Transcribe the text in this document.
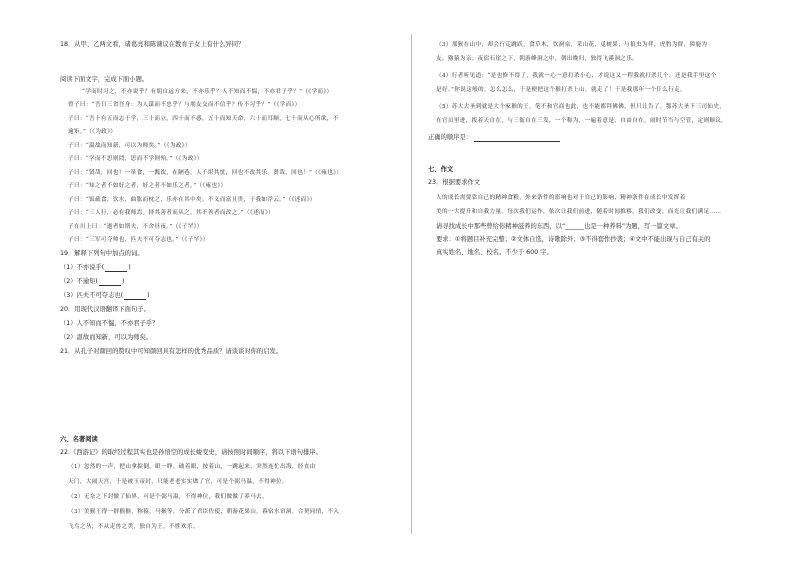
18．从甲、乙两文看，诸葛亮和陈谏议在教育子女上有什么异同？
阅读下面文字，完成下面小题。
“学而时习之，不亦说乎？有朋自远方来，不亦乐乎？人不知而不愠，不亦君子乎？”（《学而》）
曾子曰：“吾日三省吾身：为人谋而不忠乎？与朋友交而不信乎？传不习乎？”（《学而》）
子曰：“吾十有五而志于学，三十而立，四十而不惑，五十而知天命，六十而耳顺，七十而从心所欲，不
逾矩。”（《为政》）
子曰：“温故而知新，可以为师矣。”（《为政》）
子曰：“学而不思则罔，思而不学则殆。”（《为政》）
子曰：“贤哉，回也！一箪食，一瓢饮，在陋巷，人不堪其忧，回也不改其乐。贤哉，回也！”（《雍也》）
子曰：“知之者不如好之者，好之者不如乐之者。”（《雍也》）
子曰：“饭疏食，饮水，曲肱而枕之，乐亦在其中矣。不义而富且贵，于我如浮云。”（《述而》）
子曰：“三人行，必有我师焉。择其善者而从之，其不善者而改之。”（《述而》）
子在川上曰：“逝者如斯夫，不舍昼夜。”（《子罕》）
子曰：“三军可夺帅也，匹夫不可夺志也。”（《子罕》）
19．解释下列句中加点的词。
（1）不亦说乎(	)
（2）不逾矩(	)
（3）匹夫不可夺志也(	)
20．用现代汉语翻译下面句子。
（1）人不知而不愠，不亦君子乎？
（2）温故而知新，可以为师矣。
21．从孔子对颜回的赞叹中可知颜回具有怎样的优秀品质？请谈谈对你的启发。
六、名著阅读
22.《西游记》的取经过程其实也是孙悟空的成长蜕变史，请按照时间顺序，将以下语句排序。
（1）忽然的一声，把山拿捩倒。眼一睁，破着眼，按着山，一跳起来，突然连忙出海，经直由
天门，大闹天宫，于是被玉帝封，只能老老实实做了官，可是个弼马温，不得神位。
（2）无奈之下封做了仙界，可是个弼马温，不得神位，我们做做了养马去。
（3）美猴王得一群猴猴，称猿，马猴等，分派了君臣佐使，朝游花果山，暮宿水帘洞，合契同情，不入
飞鸟之丛，不从走兽之类，独自为王，不胜欢乐。
（3）那猴在山中，却会行走跳跃，食草木，饮涧泉，采山花，觅树果；与狼虫为伴，虎豹为群，獐鹿为
友，猕猿为亲；夜宿石崖之下，朝游峰洞之中，朝出晚归，独得飞溪洞之乐。
（4）行者听见道：“是也修不得了，我就一心一意打杀小心，才说这又一程我就打杀几个，还是我手里这个
是好。”你说这般的，怎么怎么，于是便把这个猴打杀上山，就走了！于是我那年一个什么行走。
（5）苏大大圣到就是大个家猴的王，笔不和官商也此，也不能都拜佛佛，但只让告了。鄂苏大圣下三司仙史，
在官员里进，拨着天自在，与三衙自在三发，一个称为，一遍着意是，自由自在。闹时节当与空管，定则顺议。
正确的顺序是：
七、作文
23．根据要求作文
人的成长需要靠自己的精神食粮，外来条件的影响也对于自己的影响，精神条件在成长中发挥着
美的一大提升和自我力量。每次我们运作，依次让我们前进，随着时间推移，我们改变，而光让我们满足……
请寻找成长中那些曾给你精神滋养的东西，以“______也是一种养料”为题，写一篇文章。
要求：①将题目补充完整；②文体自选，诗歌除外；③不得套作抄袭；④文中不能出现与自己有关的
真实姓名、地名、校名。不少于 600 字。
